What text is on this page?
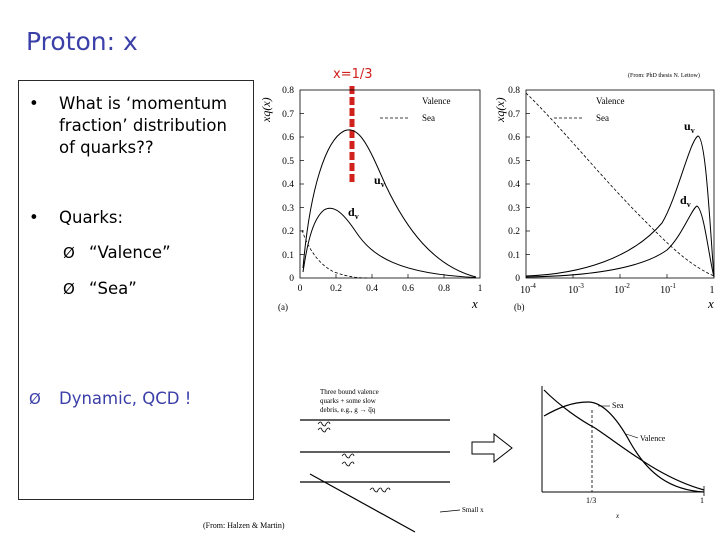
Proton: x
x=1/3
• What is ‘momentum
fraction’ distribution
of quarks??
• Quarks:
Ø “Valence”
Ø “Sea”
Ø Dynamic, QCD !
0
0.1
0.2
0.3
0.4
0.5
0.6
0.7
0.8
0	0.2	0.4	0.6	0.8	1
xq(x)
x
(a)
Valence
Sea
$u_v$
$d_v$
0
0.1
0.2
0.3
0.4
0.5
0.6
0.7
0.8
$10^{-4}$	$10^{-3}$	$10^{-2}$	$10^{-1}$	1
xq(x)
x
(b)
Valence
Sea
$u_v$
$d_v$
(From: PhD thesis N. Lettow)
Three bound valence
quarks + some slow
debris, e.g., g → q̅q
Small x
Sea
Valence
1/3	1
x
(From: Halzen & Martin)
